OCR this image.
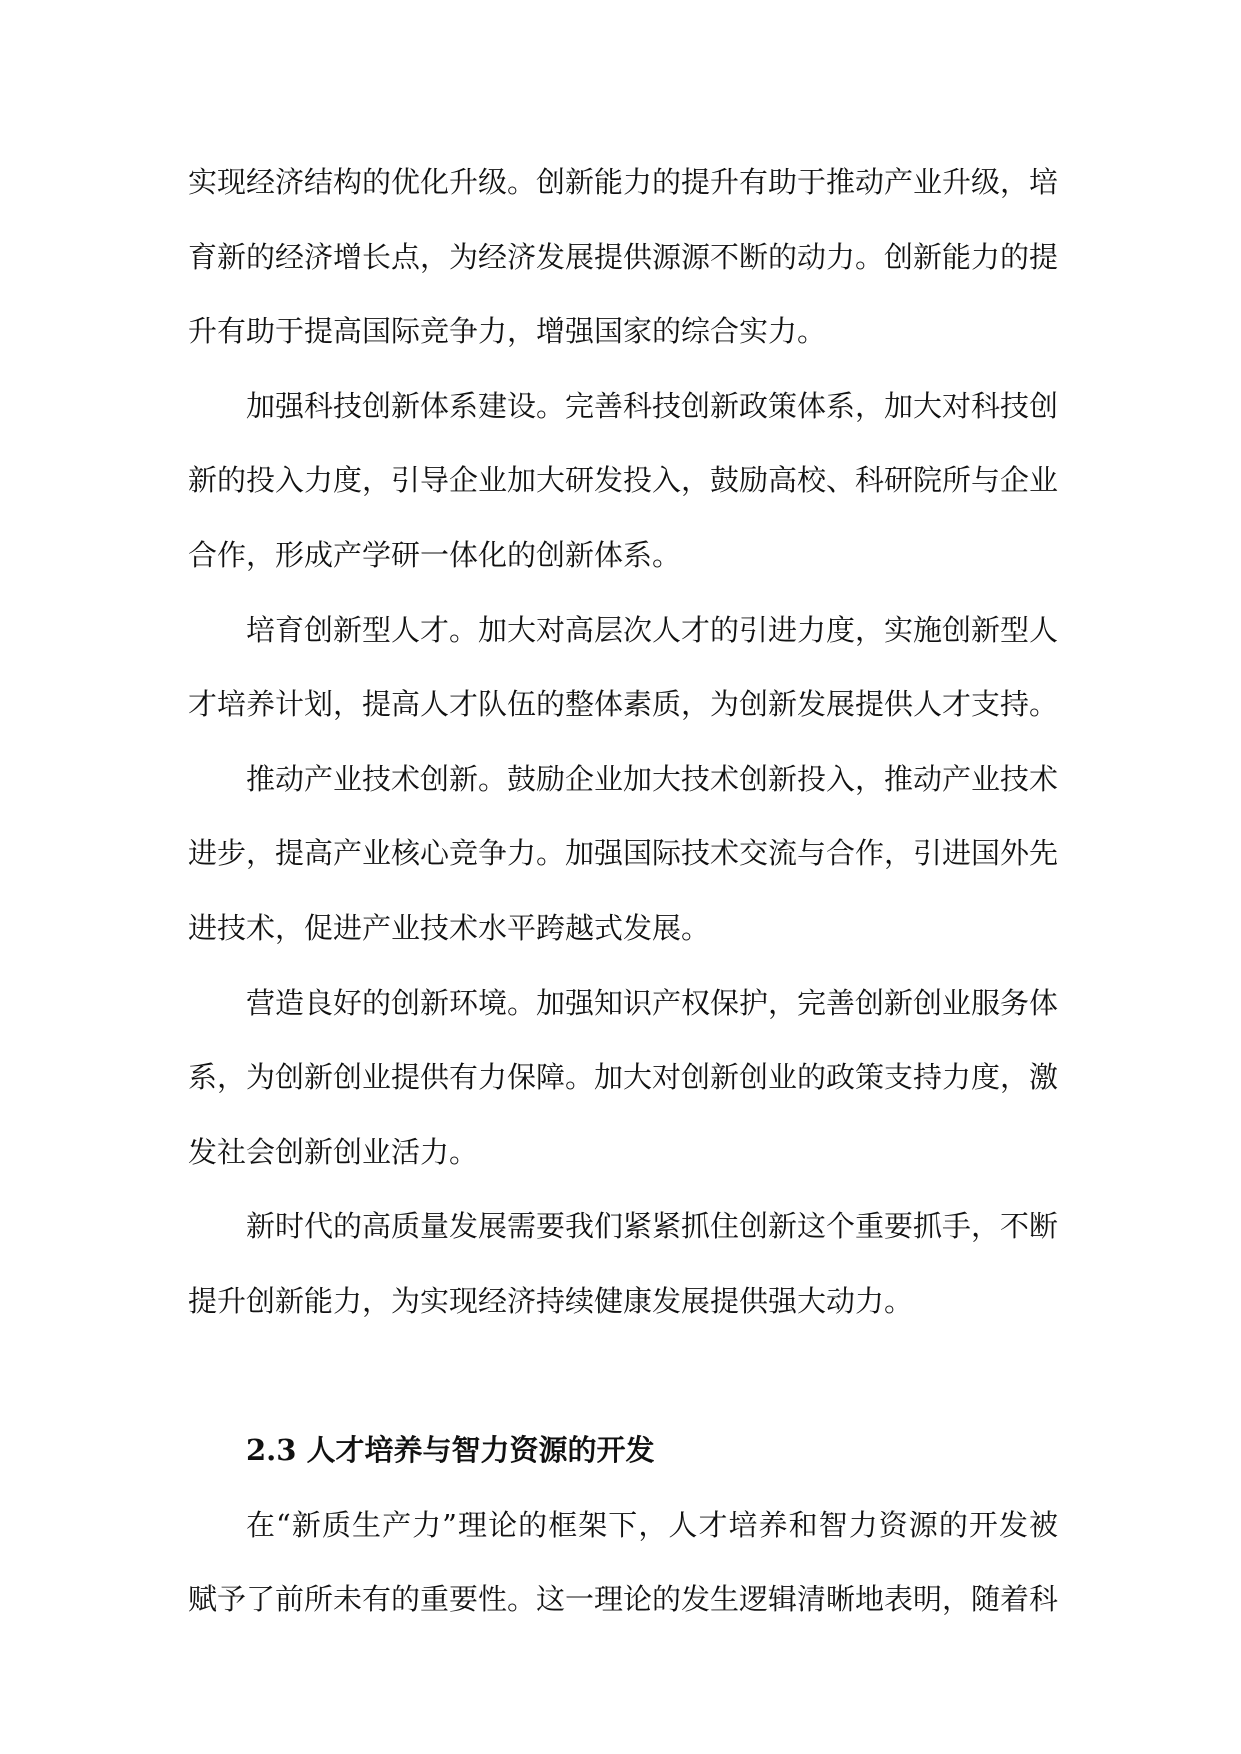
实现经济结构的优化升级。创新能力的提升有助于推动产业升级，培
育新的经济增长点，为经济发展提供源源不断的动力。创新能力的提
升有助于提高国际竞争力，增强国家的综合实力。
加强科技创新体系建设。完善科技创新政策体系，加大对科技创
新的投入力度，引导企业加大研发投入，鼓励高校、科研院所与企业
合作，形成产学研一体化的创新体系。
培育创新型人才。加大对高层次人才的引进力度，实施创新型人
才培养计划，提高人才队伍的整体素质，为创新发展提供人才支持。
推动产业技术创新。鼓励企业加大技术创新投入，推动产业技术
进步，提高产业核心竞争力。加强国际技术交流与合作，引进国外先
进技术，促进产业技术水平跨越式发展。
营造良好的创新环境。加强知识产权保护，完善创新创业服务体
系，为创新创业提供有力保障。加大对创新创业的政策支持力度，激
发社会创新创业活力。
新时代的高质量发展需要我们紧紧抓住创新这个重要抓手，不断
提升创新能力，为实现经济持续健康发展提供强大动力。
2.3 人才培养与智力资源的开发
在“新质生产力”理论的框架下，人才培养和智力资源的开发被
赋予了前所未有的重要性。这一理论的发生逻辑清晰地表明，随着科
